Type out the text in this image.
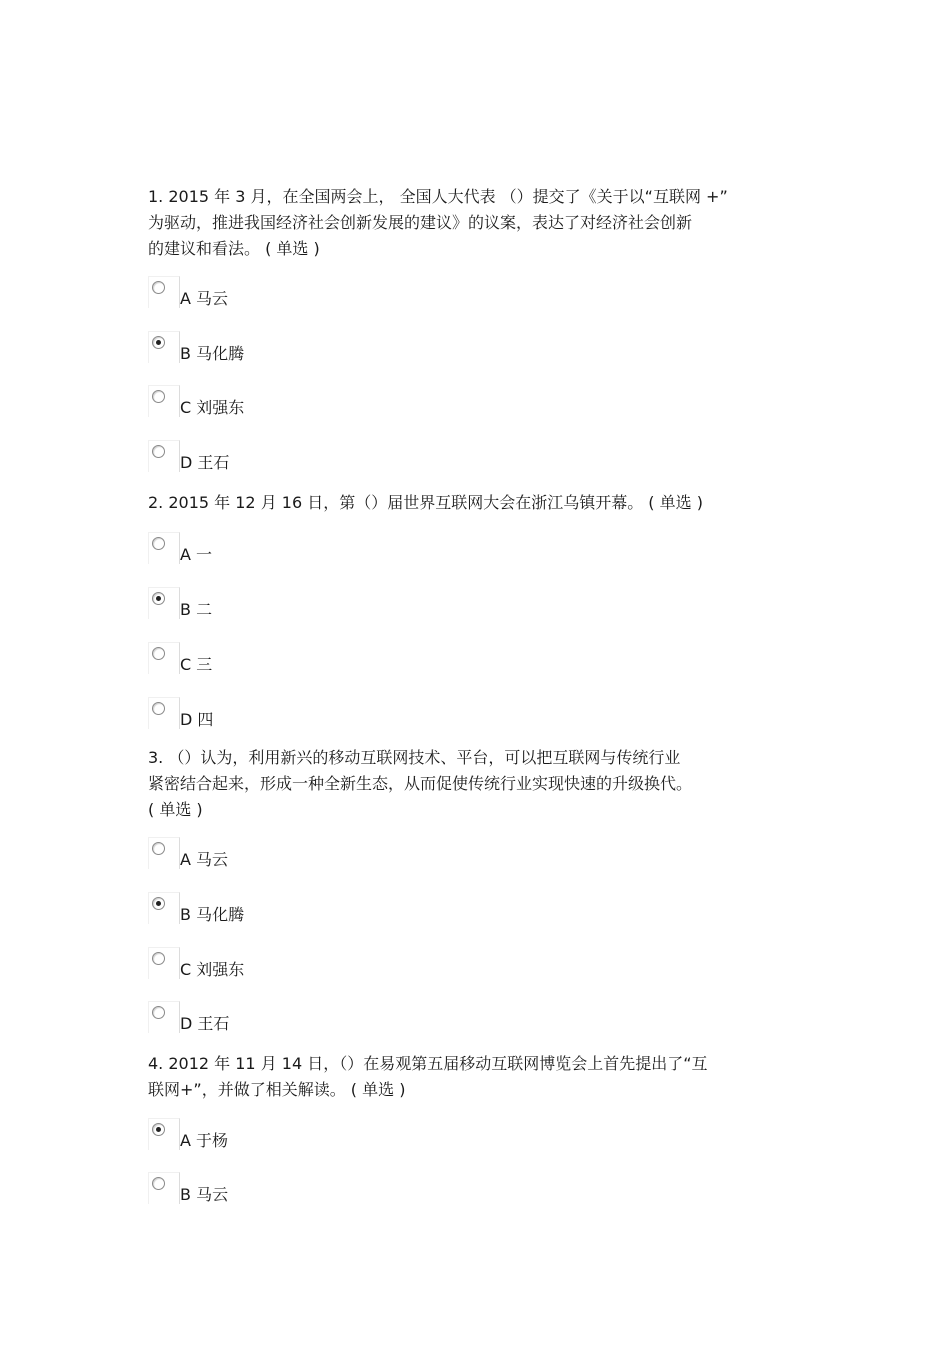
1. 2015 年 3 月，在全国两会上， 全国人大代表 （）提交了《关于以“互联网 +”
为驱动，推进我国经济社会创新发展的建议》的议案，表达了对经济社会创新
的建议和看法。 ( 单选 )
A 马云
B 马化腾
C 刘强东
D 王石
2. 2015 年 12 月 16 日，第（）届世界互联网大会在浙江乌镇开幕。 ( 单选 )
A 一
B 二
C 三
D 四
3. （）认为，利用新兴的移动互联网技术、平台，可以把互联网与传统行业
紧密结合起来，形成一种全新生态，从而促使传统行业实现快速的升级换代。
( 单选 )
A 马云
B 马化腾
C 刘强东
D 王石
4. 2012 年 11 月 14 日，（）在易观第五届移动互联网博览会上首先提出了“互
联网+”，并做了相关解读。 ( 单选 )
A 于杨
B 马云
